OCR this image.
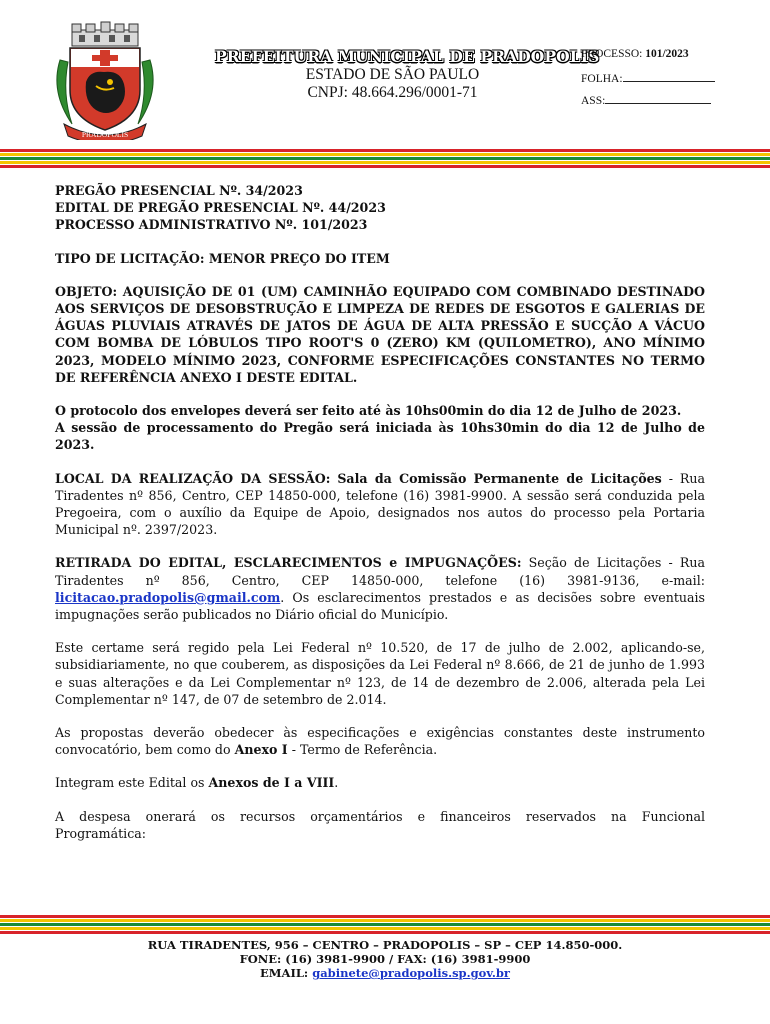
PRADOPOLIS
PREFEITURA MUNICIPAL DE PRADOPOLIS
ESTADO DE SÃO PAULO
CNPJ: 48.664.296/0001-71
PROCESSO: 101/2023
FOLHA:
ASS:

PREGÃO PRESENCIAL Nº. 34/2023

EDITAL DE PREGÃO PRESENCIAL Nº. 44/2023

PROCESSO ADMINISTRATIVO Nº. 101/2023

TIPO DE LICITAÇÃO: MENOR PREÇO DO ITEM

OBJETO: AQUISIÇÃO DE 01 (UM) CAMINHÃO EQUIPADO COM COMBINADO DESTINADO AOS SERVIÇOS DE DESOBSTRUÇÃO E LIMPEZA DE REDES DE ESGOTOS E GALERIAS DE ÁGUAS PLUVIAIS ATRAVÉS DE JATOS DE ÁGUA DE ALTA PRESSÃO E SUCÇÃO A VÁCUO COM BOMBA DE LÓBULOS TIPO ROOT'S 0 (ZERO) KM (QUILOMETRO), ANO MÍNIMO 2023, MODELO MÍNIMO 2023, CONFORME ESPECIFICAÇÕES CONSTANTES NO TERMO DE REFERÊNCIA ANEXO I DESTE EDITAL.

O protocolo dos envelopes deverá ser feito até às 10hs00min do dia 12 de Julho de 2023.

A sessão de processamento do Pregão será iniciada às 10hs30min do dia 12 de Julho de 2023.

LOCAL DA REALIZAÇÃO DA SESSÃO: Sala da Comissão Permanente de Licitações - Rua Tiradentes nº 856, Centro, CEP 14850-000, telefone (16) 3981-9900. A sessão será conduzida pela Pregoeira, com o auxílio da Equipe de Apoio, designados nos autos do processo pela Portaria Municipal nº. 2397/2023.

RETIRADA DO EDITAL, ESCLARECIMENTOS e IMPUGNAÇÕES: Seção de Licitações - Rua Tiradentes nº 856, Centro, CEP 14850-000, telefone (16) 3981-9136, e-mail: licitacao.pradopolis@gmail.com. Os esclarecimentos prestados e as decisões sobre eventuais impugnações serão publicados no Diário oficial do Município.

Este certame será regido pela Lei Federal nº 10.520, de 17 de julho de 2.002, aplicando-se, subsidiariamente, no que couberem, as disposições da Lei Federal nº 8.666, de 21 de junho de 1.993 e suas alterações e da Lei Complementar nº 123, de 14 de dezembro de 2.006, alterada pela Lei Complementar nº 147, de 07 de setembro de 2.014.

As propostas deverão obedecer às especificações e exigências constantes deste instrumento convocatório, bem como do Anexo I - Termo de Referência.

Integram este Edital os Anexos de I a VIII.

A despesa onerará os recursos orçamentários e financeiros reservados na Funcional Programática:

RUA TIRADENTES, 956 – CENTRO – PRADOPOLIS – SP – CEP 14.850-000.
FONE: (16) 3981-9900 / FAX: (16) 3981-9900
EMAIL: gabinete@pradopolis.sp.gov.br
